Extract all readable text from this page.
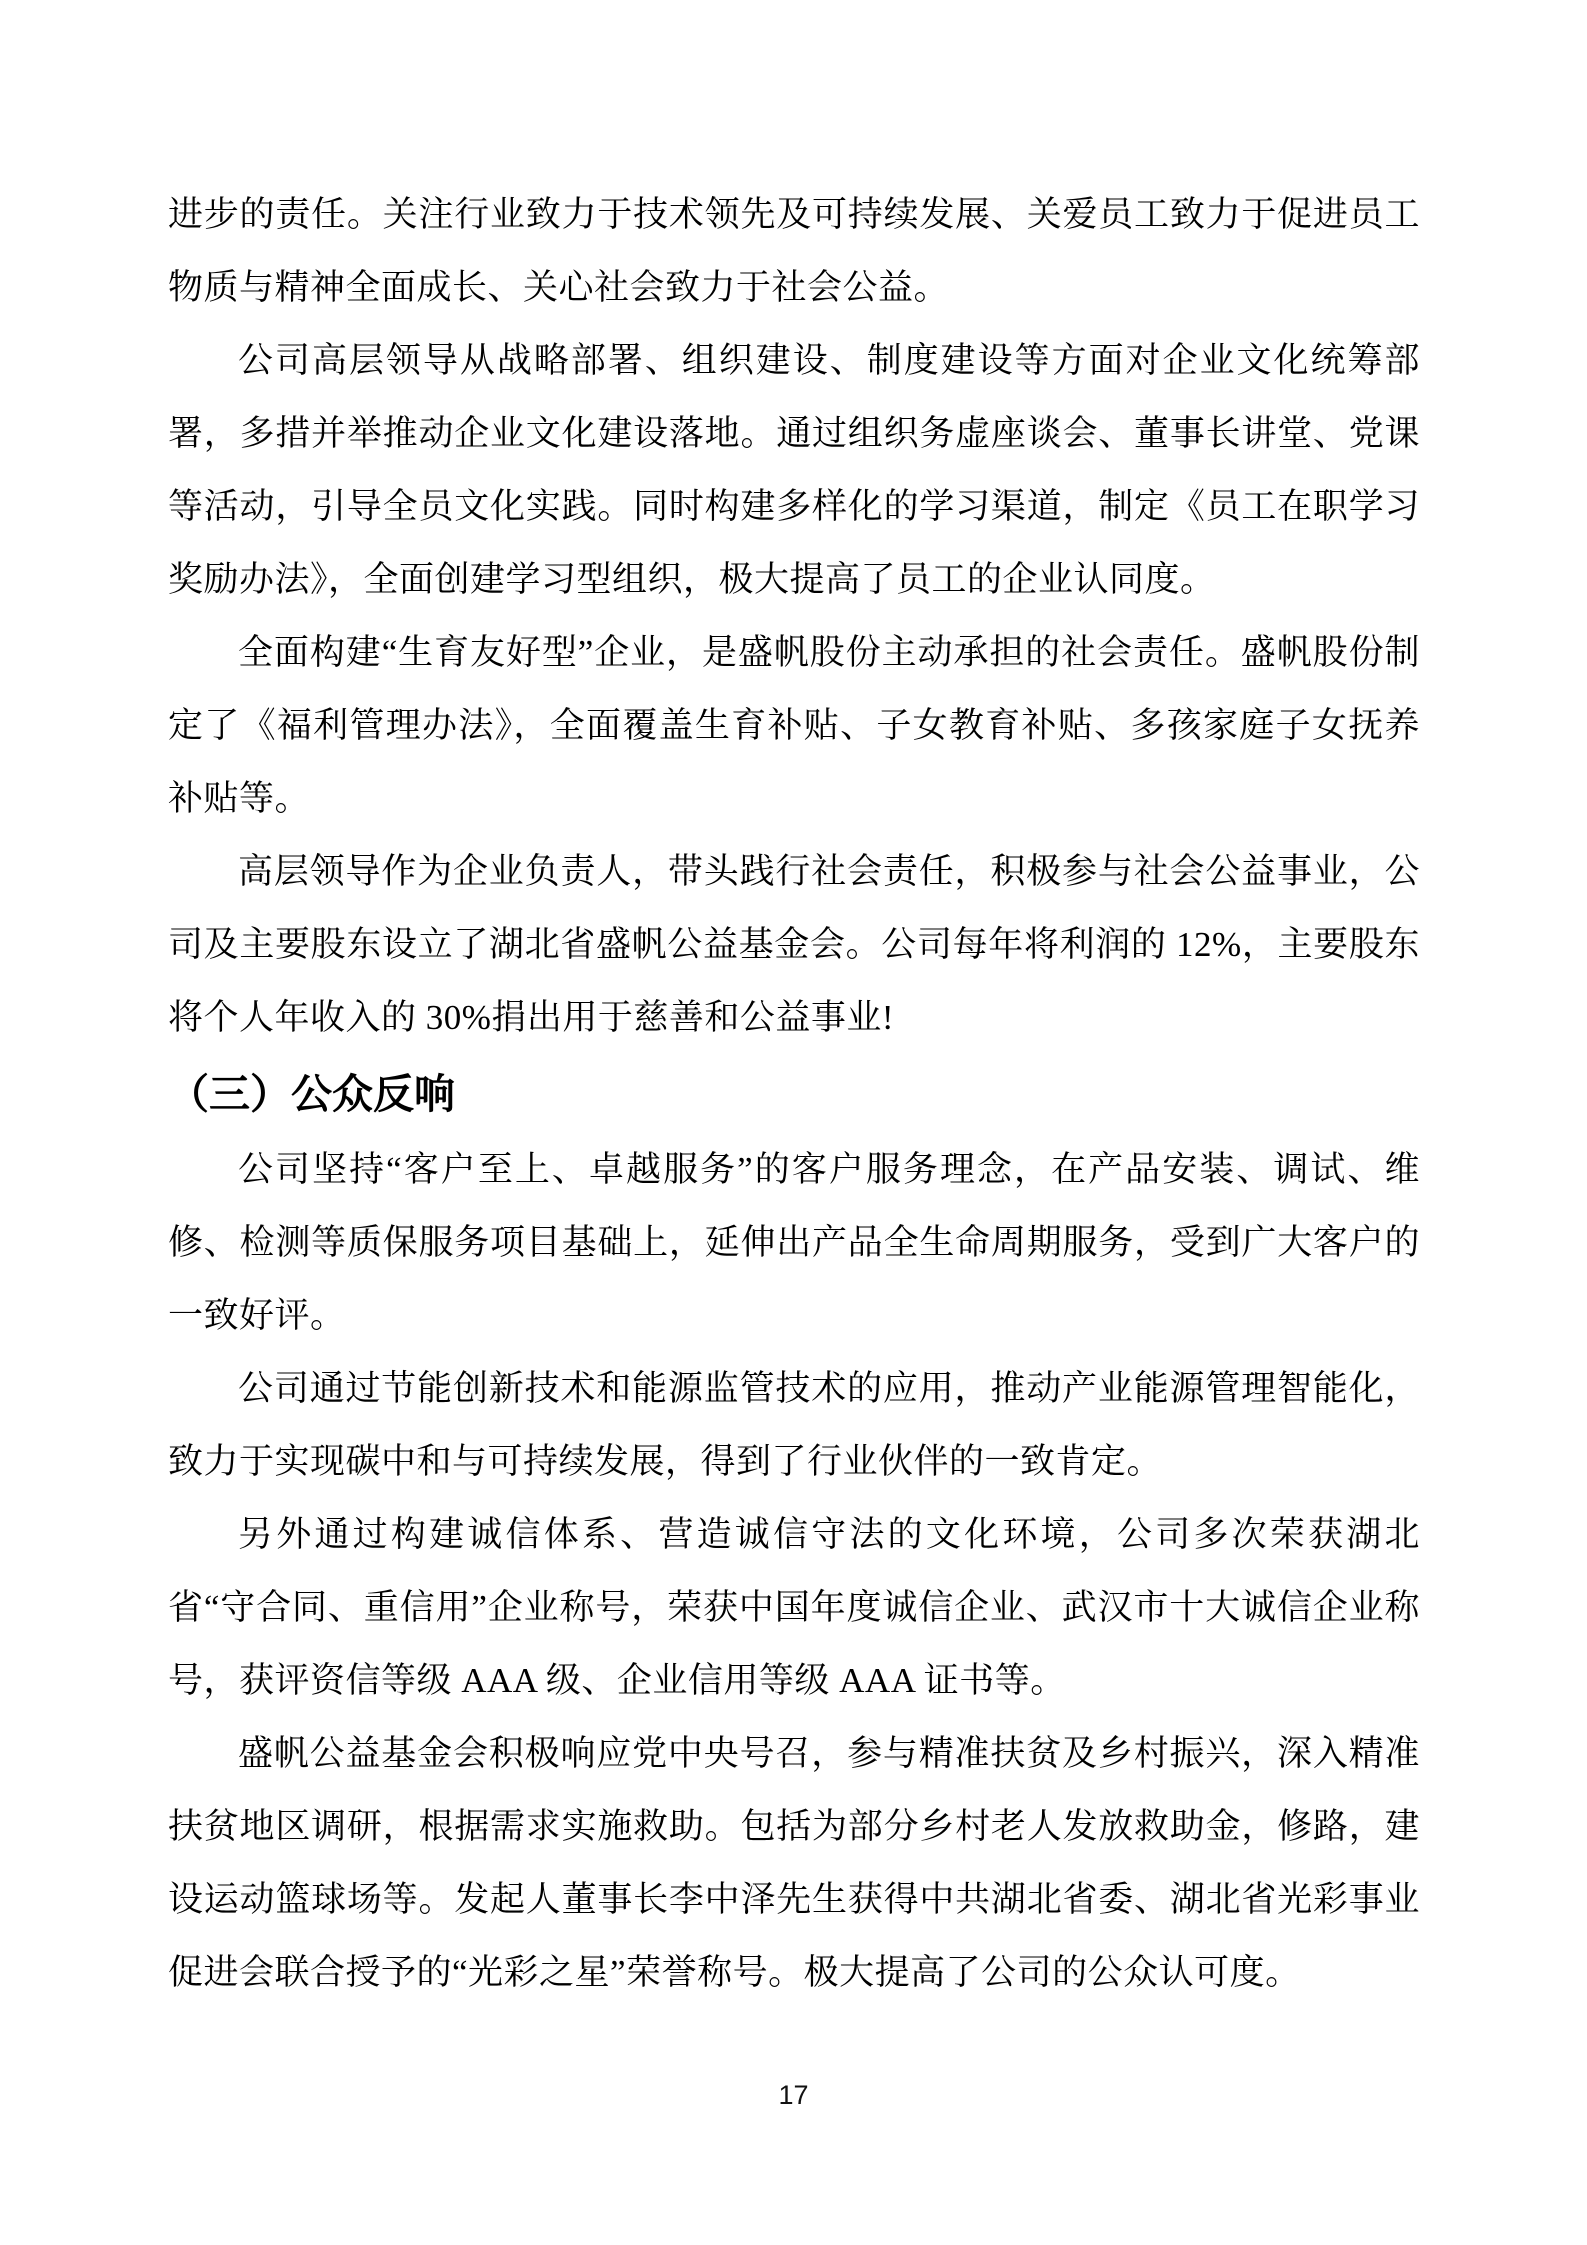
进步的责任。关注行业致力于技术领先及可持续发展、关爱员工致力于促进员工物质与精神全面成长、关心社会致力于社会公益。

公司高层领导从战略部署、组织建设、制度建设等方面对企业文化统筹部署，多措并举推动企业文化建设落地。通过组织务虚座谈会、董事长讲堂、党课等活动，引导全员文化实践。同时构建多样化的学习渠道，制定《员工在职学习奖励办法》，全面创建学习型组织，极大提高了员工的企业认同度。

全面构建“生育友好型”企业，是盛帆股份主动承担的社会责任。盛帆股份制定了《福利管理办法》，全面覆盖生育补贴、子女教育补贴、多孩家庭子女抚养补贴等。

高层领导作为企业负责人，带头践行社会责任，积极参与社会公益事业，公司及主要股东设立了湖北省盛帆公益基金会。公司每年将利润的 12%，主要股东将个人年收入的 30%捐出用于慈善和公益事业!

（三）公众反响

公司坚持“客户至上、卓越服务”的客户服务理念，在产品安装、调试、维修、检测等质保服务项目基础上，延伸出产品全生命周期服务，受到广大客户的一致好评。

公司通过节能创新技术和能源监管技术的应用，推动产业能源管理智能化，致力于实现碳中和与可持续发展，得到了行业伙伴的一致肯定。

另外通过构建诚信体系、营造诚信守法的文化环境，公司多次荣获湖北省“守合同、重信用”企业称号，荣获中国年度诚信企业、武汉市十大诚信企业称号，获评资信等级 AAA 级、企业信用等级 AAA 证书等。

盛帆公益基金会积极响应党中央号召，参与精准扶贫及乡村振兴，深入精准扶贫地区调研，根据需求实施救助。包括为部分乡村老人发放救助金，修路，建设运动篮球场等。发起人董事长李中泽先生获得中共湖北省委、湖北省光彩事业促进会联合授予的“光彩之星”荣誉称号。极大提高了公司的公众认可度。

17
